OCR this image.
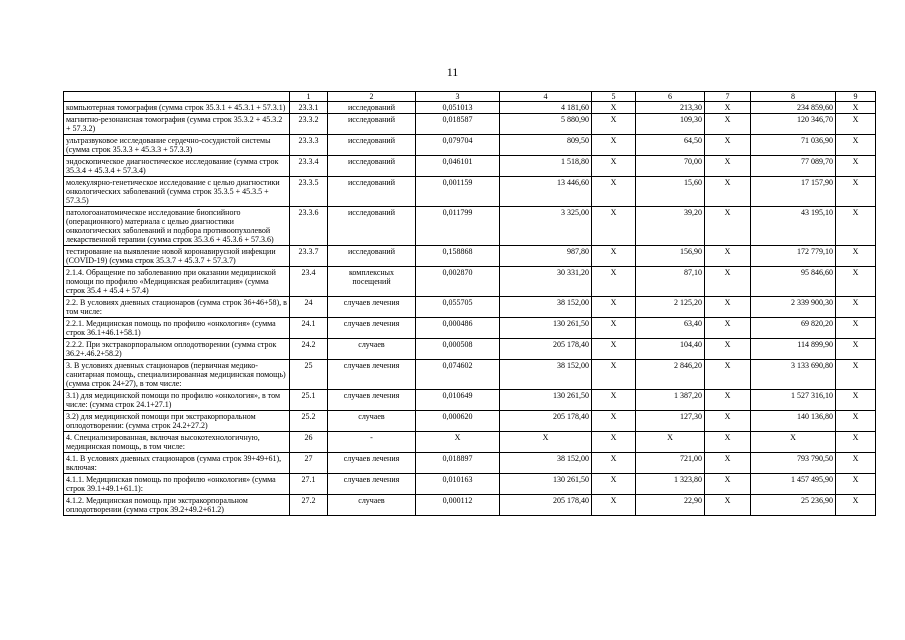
11
	1	2	3	4	5	6	7	8	9
компьютерная томография (сумма строк 35.3.1 + 45.3.1 + 57.3.1)	23.3.1	исследований	0,051013	4 181,60	X	213,30	X	234 859,60	X
магнитно-резонансная томография (сумма строк 35.3.2 + 45.3.2 + 57.3.2)	23.3.2	исследований	0,018587	5 880,90	X	109,30	X	120 346,70	X
ультразвуковое исследование сердечно-сосудистой системы (сумма строк 35.3.3 + 45.3.3 + 57.3.3)	23.3.3	исследований	0,079704	809,50	X	64,50	X	71 036,90	X
эндоскопическое диагностическое исследование (сумма строк 35.3.4 + 45.3.4 + 57.3.4)	23.3.4	исследований	0,046101	1 518,80	X	70,00	X	77 089,70	X
молекулярно-генетическое исследование с целью диагностики онкологических заболеваний (сумма строк 35.3.5 + 45.3.5 + 57.3.5)	23.3.5	исследований	0,001159	13 446,60	X	15,60	X	17 157,90	X
патологоанатомическое исследование биопсийного (операционного) материала с целью диагностики онкологических заболеваний и подбора противоопухолевой лекарственной терапии (сумма строк 35.3.6 + 45.3.6 + 57.3.6)	23.3.6	исследований	0,011799	3 325,00	X	39,20	X	43 195,10	X
тестирование на выявление новой коронавирусной инфекции (COVID-19) (сумма строк 35.3.7 + 45.3.7 + 57.3.7)	23.3.7	исследований	0,158868	987,80	X	156,90	X	172 779,10	X
2.1.4. Обращение по заболеванию при оказании медицинской помощи по профилю «Медицинская реабилитация» (сумма строк 35.4 + 45.4 + 57.4)	23.4	комплексных посещений	0,002870	30 331,20	X	87,10	X	95 846,60	X
2.2. В условиях дневных стационаров (сумма строк 36+46+58), в том числе:	24	случаев лечения	0,055705	38 152,00	X	2 125,20	X	2 339 900,30	X
2.2.1. Медицинская помощь по профилю «онкология» (сумма строк 36.1+46.1+58.1)	24.1	случаев лечения	0,000486	130 261,50	X	63,40	X	69 820,20	X
2.2.2. При экстракорпоральном оплодотворении (сумма строк 36.2+.46.2+58.2)	24.2	случаев	0,000508	205 178,40	X	104,40	X	114 899,90	X
3. В условиях дневных стационаров (первичная медико-санитарная помощь, специализированная медицинская помощь) (сумма строк 24+27), в том числе:	25	случаев лечения	0,074602	38 152,00	X	2 846,20	X	3 133 690,80	X
3.1) для медицинской помощи по профилю «онкология», в том числе: (сумма строк 24.1+27.1)	25.1	случаев лечения	0,010649	130 261,50	X	1 387,20	X	1 527 316,10	X
3.2) для медицинской помощи при экстракорпоральном оплодотворении: (сумма строк 24.2+27.2)	25.2	случаев	0,000620	205 178,40	X	127,30	X	140 136,80	X
4. Специализированная, включая высокотехнологичную, медицинская помощь, в том числе:	26	-	X	X	X	X	X	X	X
4.1. В условиях дневных стационаров (сумма строк 39+49+61), включая:	27	случаев лечения	0,018897	38 152,00	X	721,00	X	793 790,50	X
4.1.1. Медицинская помощь по профилю «онкология» (сумма строк 39.1+49.1+61.1):	27.1	случаев лечения	0,010163	130 261,50	X	1 323,80	X	1 457 495,90	X
4.1.2. Медицинская помощь при экстракорпоральном оплодотворении (сумма строк 39.2+49.2+61.2)	27.2	случаев	0,000112	205 178,40	X	22,90	X	25 236,90	X
